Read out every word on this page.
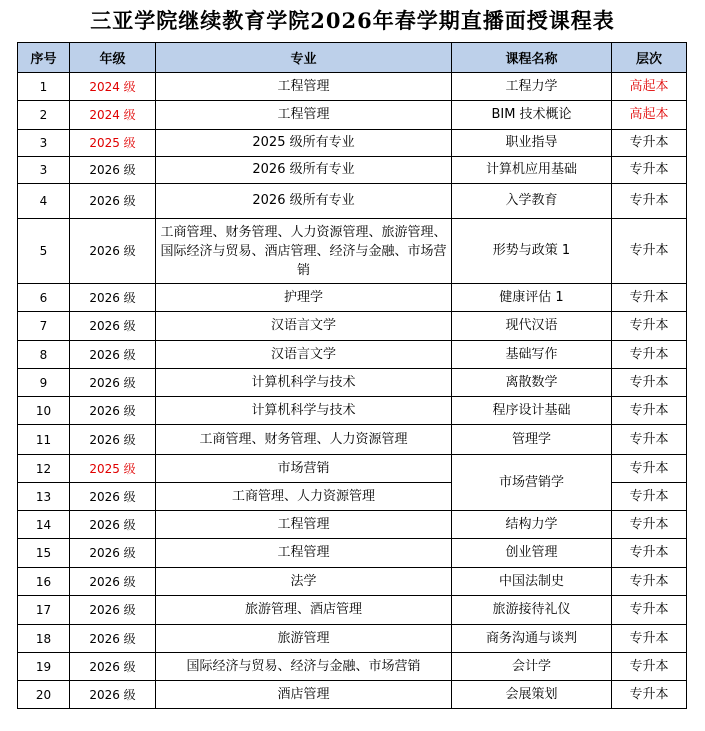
三亚学院继续教育学院2026年春学期直播面授课程表
序号	年级	专业	课程名称	层次
1	2024 级	工程管理	工程力学	高起本
2	2024 级	工程管理	BIM 技术概论	高起本
3	2025 级	2025 级所有专业	职业指导	专升本
3	2026 级	2026 级所有专业	计算机应用基础	专升本
4	2026 级	2026 级所有专业	入学教育	专升本
5	2026 级	工商管理、财务管理、人力资源管理、旅游管理、国际经济与贸易、酒店管理、经济与金融、市场营销	形势与政策 1	专升本
6	2026 级	护理学	健康评估 1	专升本
7	2026 级	汉语言文学	现代汉语	专升本
8	2026 级	汉语言文学	基础写作	专升本
9	2026 级	计算机科学与技术	离散数学	专升本
10	2026 级	计算机科学与技术	程序设计基础	专升本
11	2026 级	工商管理、财务管理、人力资源管理	管理学	专升本
12	2025 级	市场营销	市场营销学	专升本
13	2026 级	工商管理、人力资源管理		专升本
14	2026 级	工程管理	结构力学	专升本
15	2026 级	工程管理	创业管理	专升本
16	2026 级	法学	中国法制史	专升本
17	2026 级	旅游管理、酒店管理	旅游接待礼仪	专升本
18	2026 级	旅游管理	商务沟通与谈判	专升本
19	2026 级	国际经济与贸易、经济与金融、市场营销	会计学	专升本
20	2026 级	酒店管理	会展策划	专升本
